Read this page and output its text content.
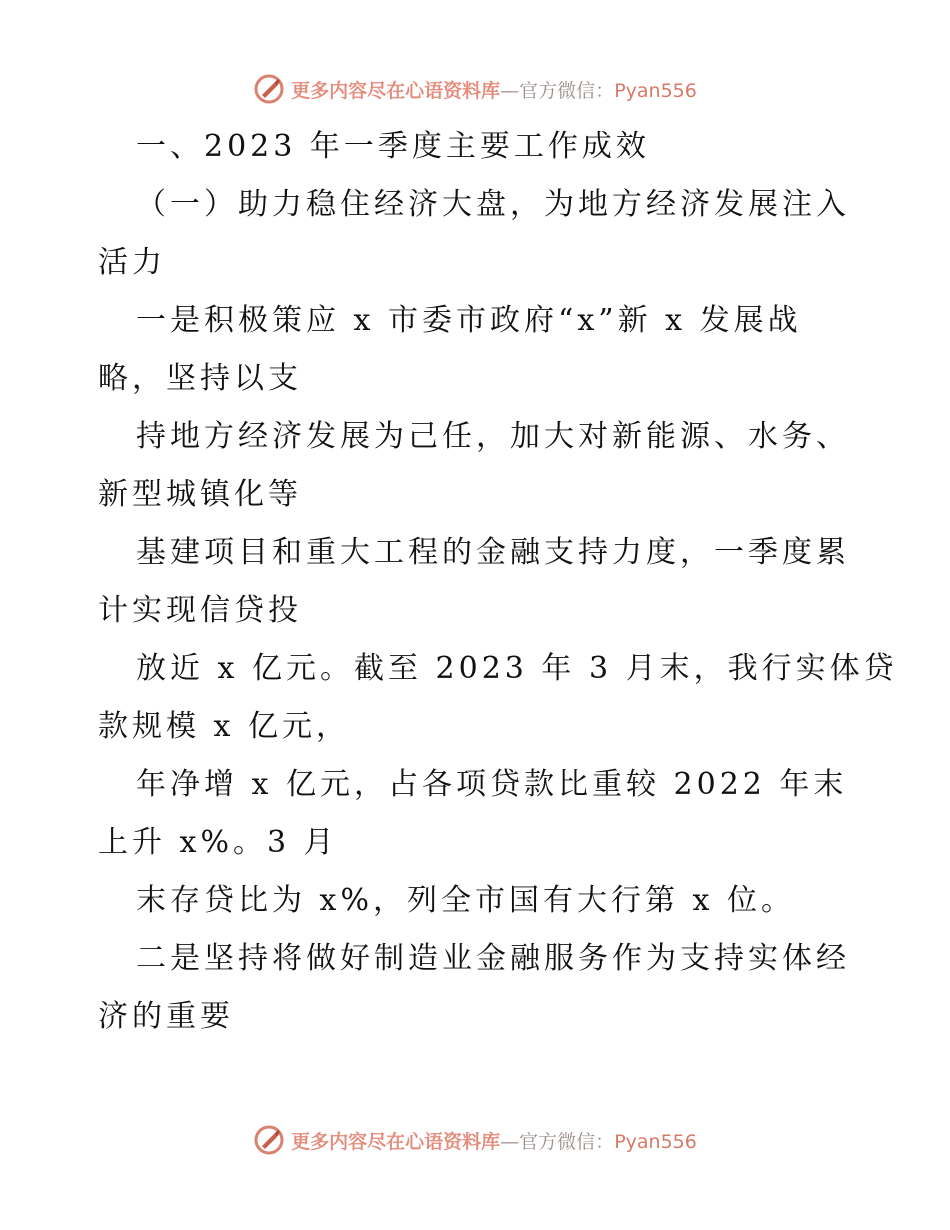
更多内容尽在心语资料库—官方微信：Pyan556
一、2023 年一季度主要工作成效
（一）助力稳住经济大盘，为地方经济发展注入
活力
一是积极策应 x 市委市政府“x”新 x 发展战
略，坚持以支
持地方经济发展为己任，加大对新能源、水务、
新型城镇化等
基建项目和重大工程的金融支持力度，一季度累
计实现信贷投
放近 x 亿元。截至 2023 年 3 月末，我行实体贷
款规模 x 亿元，
年净增 x 亿元，占各项贷款比重较 2022 年末
上升 x%。3 月
末存贷比为 x%，列全市国有大行第 x 位。
二是坚持将做好制造业金融服务作为支持实体经
济的重要
更多内容尽在心语资料库—官方微信：Pyan556
